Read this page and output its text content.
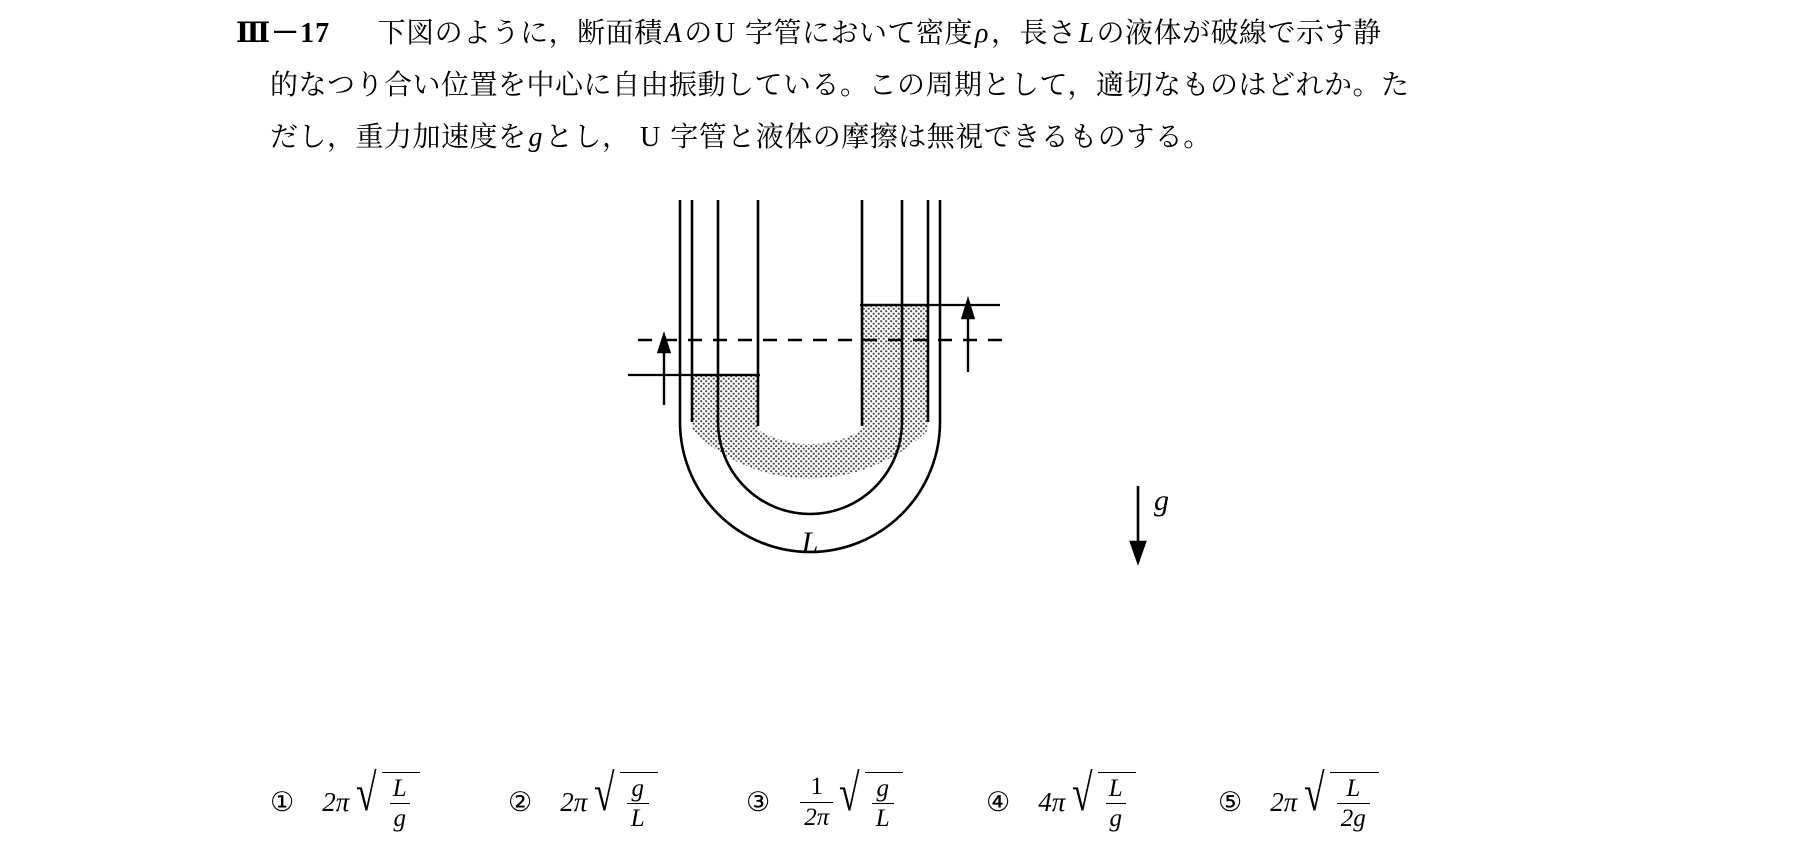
Ⅲ－17 下図のように，断面積AのU 字管において密度ρ，長さLの液体が破線で示す静
的なつり合い位置を中心に自由振動している。この周期として，適切なものはどれか。た
だし，重力加速度をgとし， U 字管と液体の摩擦は無視できるものする。
L
g
① 2π √ $\frac{L}{g}$	② 2π √ $\frac{g}{L}$	③ $\frac{1}{2\pi}$ √ $\frac{g}{L}$	④ 4π √ $\frac{L}{g}$	⑤ 2π √ $\frac{L}{2g}$
